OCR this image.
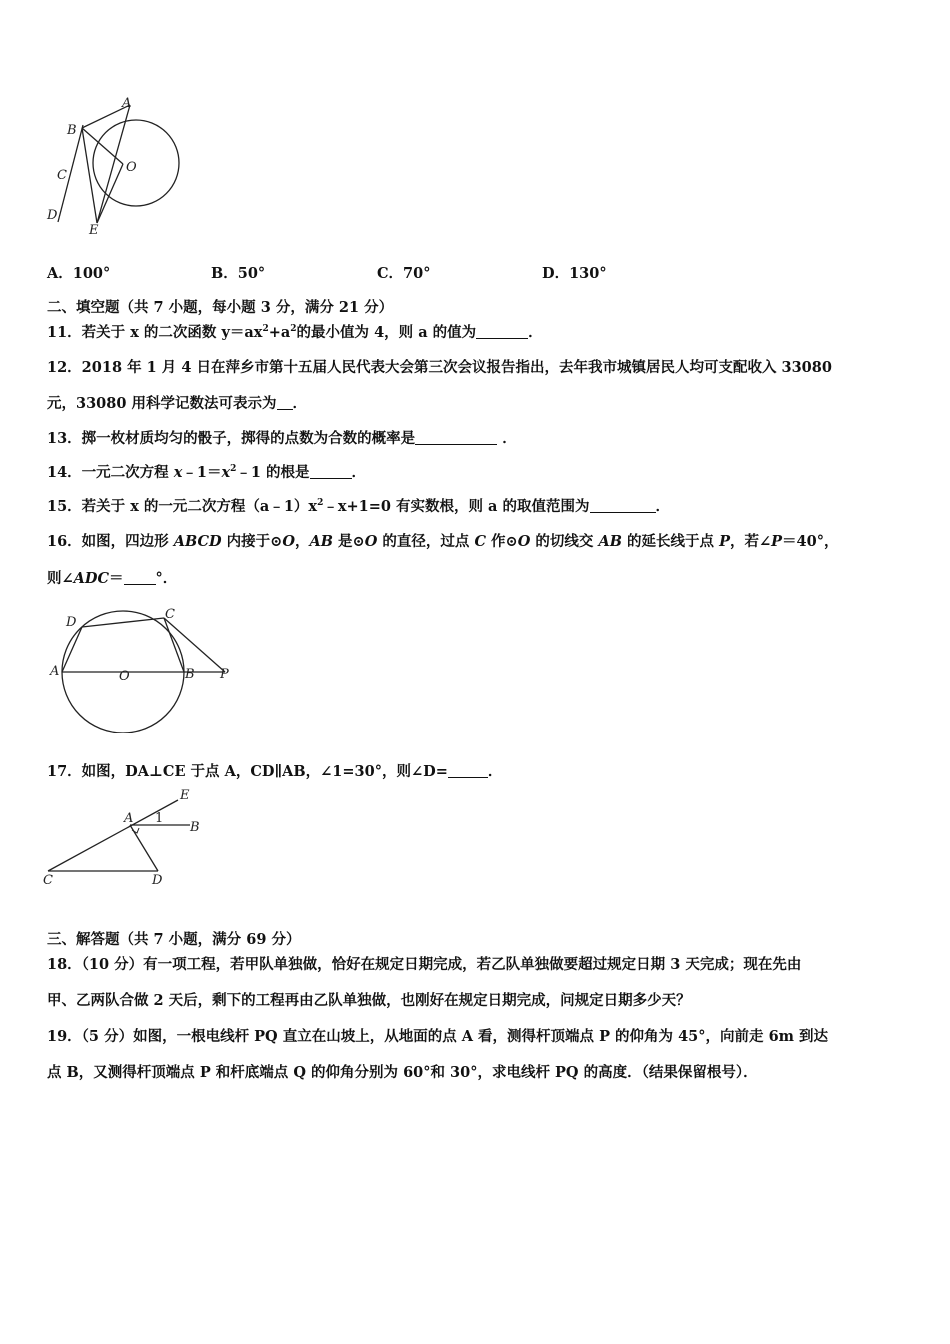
A
B
C
D
E
O
A．100°	B．50°	C．70°	D．130°
二、填空题（共 7 小题，每小题 3 分，满分 21 分）
11．若关于 x 的二次函数 $y=ax^2+a^2$的最小值为 4，则 a 的值为	．
12．2018 年 1 月 4 日在萍乡市第十五届人民代表大会第三次会议报告指出，去年我市城镇居民人均可支配收入 33080
元，33080 用科学记数法可表示为 ．
13．掷一枚材质均匀的骰子，掷得的点数为合数的概率是	．
14．一元二次方程 $x﹣1=x^2﹣1$ 的根是	．
15．若关于 x 的一元二次方程$(a﹣1)x^2﹣x+1=0$ 有实数根，则 a 的取值范围为	．
16．如图，四边形 ABCD 内接于⊙O，AB 是⊙O 的直径，过点 C 作⊙O 的切线交 AB 的延长线于点 P，若∠P＝40°，
则∠ADC＝ °．
D
C
A	O	B P
17．如图，DA⊥CE 于点 A，CD∥AB，∠1=30°，则∠D=	．
A
E
B
1
C	D
三、解答题（共 7 小题，满分 69 分）
18．（10 分）有一项工程，若甲队单独做，恰好在规定日期完成，若乙队单独做要超过规定日期 3 天完成；现在先由
甲、乙两队合做 2 天后，剩下的工程再由乙队单独做，也刚好在规定日期完成，问规定日期多少天？
19．（5 分）如图，一根电线杆 PQ 直立在山坡上，从地面的点 A 看，测得杆顶端点 P 的仰角为 45°，向前走 6m 到达
点 B，又测得杆顶端点 P 和杆底端点 Q 的仰角分别为 60°和 30°，求电线杆 PQ 的高度．（结果保留根号）．
